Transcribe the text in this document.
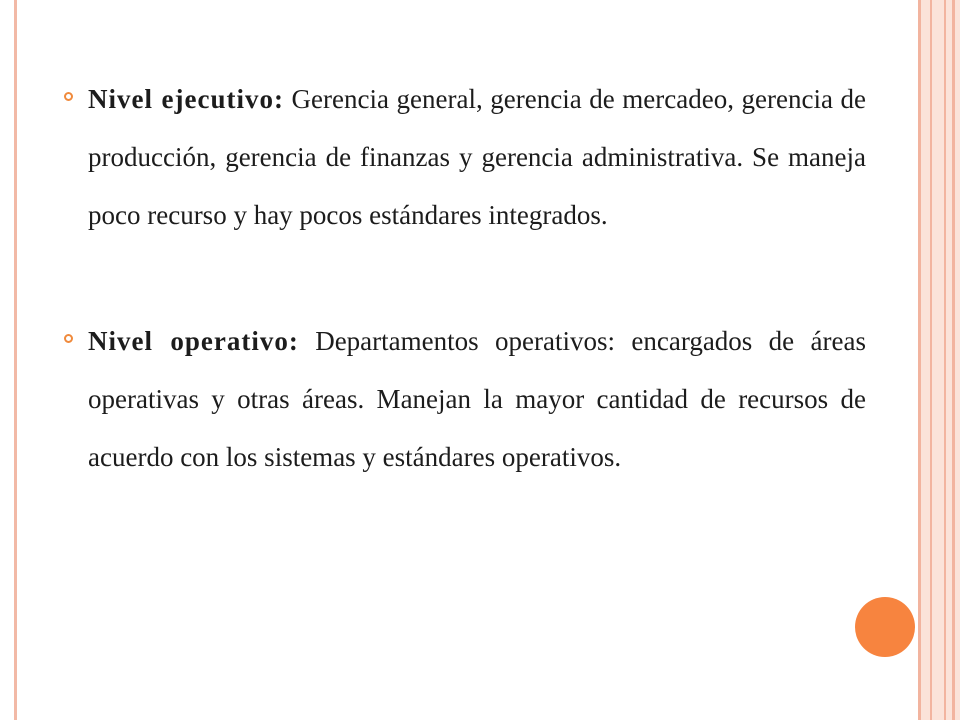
Nivel ejecutivo: Gerencia general, gerencia de mercadeo, gerencia de producción, gerencia de finanzas y gerencia administrativa. Se maneja poco recurso y hay pocos estándares integrados.
Nivel operativo: Departamentos operativos: encargados de áreas operativas y otras áreas. Manejan la mayor cantidad de recursos de acuerdo con los sistemas y estándares operativos.
